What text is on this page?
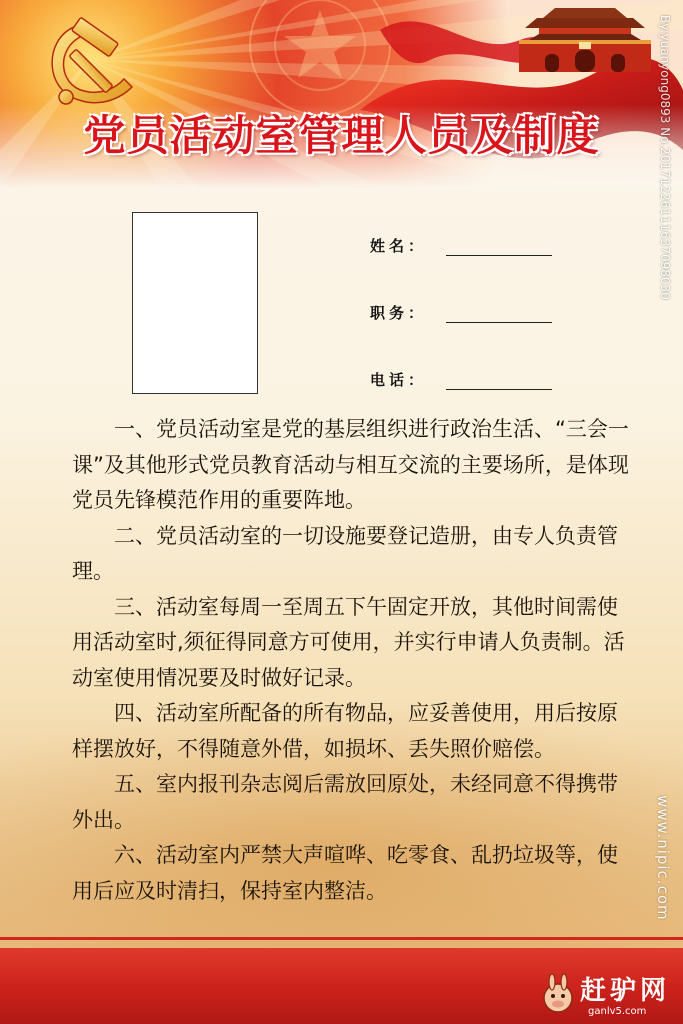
党员活动室管理人员及制度	By:yuanyong0893 No.20171226111637098030
www.nipic.com
姓名：
职务：
电话：

一、党员活动室是党的基层组织进行政治生活、“三会一课”及其他形式党员教育活动与相互交流的主要场所，是体现党员先锋模范作用的重要阵地。

二、党员活动室的一切设施要登记造册，由专人负责管理。

三、活动室每周一至周五下午固定开放，其他时间需使用活动室时,须征得同意方可使用，并实行申请人负责制。活动室使用情况要及时做好记录。

四、活动室所配备的所有物品，应妥善使用，用后按原样摆放好，不得随意外借，如损坏、丢失照价赔偿。

五、室内报刊杂志阅后需放回原处，未经同意不得携带外出。

六、活动室内严禁大声喧哗、吃零食、乱扔垃圾等，使用后应及时清扫，保持室内整洁。

赶驴网
ganlv5.com
